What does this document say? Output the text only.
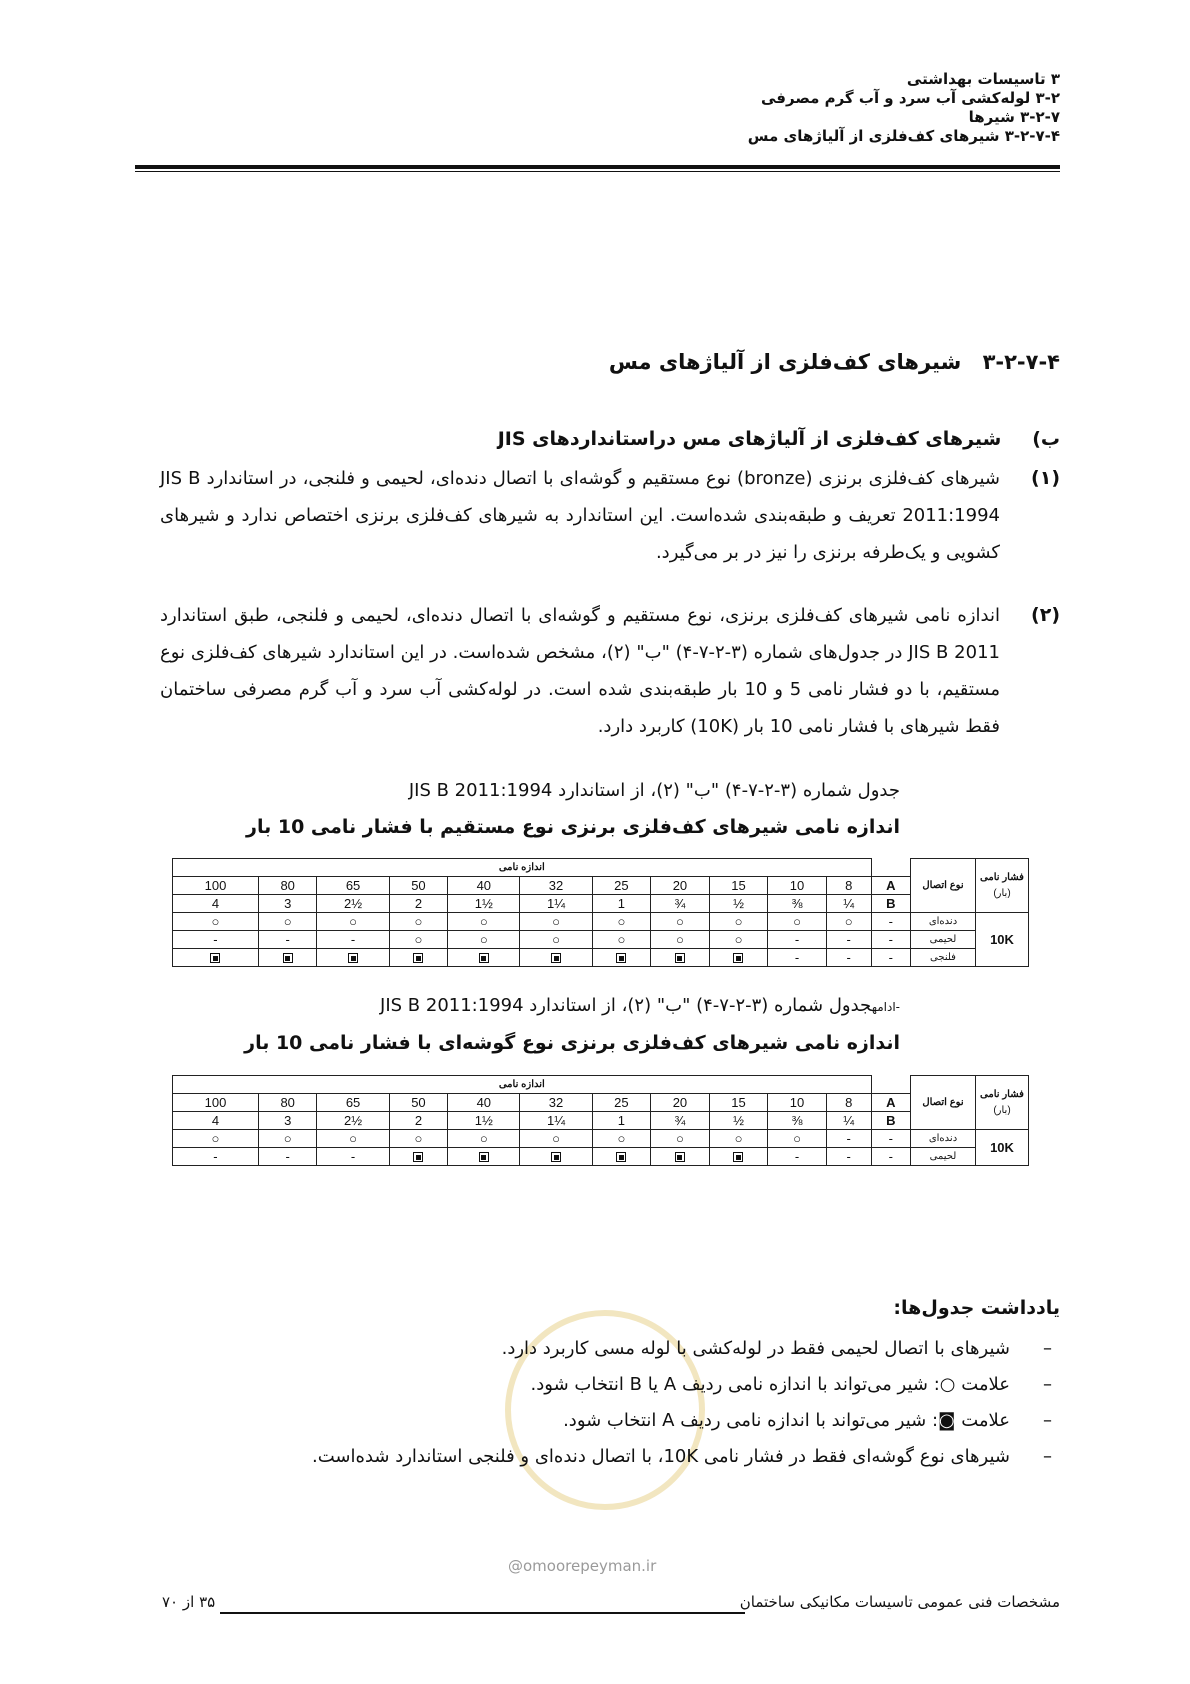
۳ تاسیسات بهداشتی
۳-۲ لوله‌کشی آب سرد و آب گرم مصرفی
۳-۲-۷ شیرها
۳-۲-۷-۴ شیرهای کف‌فلزی از آلیاژهای مس
۳-۲-۷-۴ شیرهای کف‌فلزی از آلیاژهای مس
ب) شیرهای کف‌فلزی از آلیاژهای مس دراستانداردهای JIS
(۱)
شیرهای کف‌فلزی برنزی (bronze) نوع مستقیم و گوشه‌ای با اتصال دنده‌ای، لحیمی و فلنجی، در استاندارد JIS B 2011:1994 تعریف و طبقه‌بندی شده‌است. این استاندارد به شیرهای کف‌فلزی برنزی اختصاص ندارد و شیرهای کشویی و یک‌طرفه برنزی را نیز در بر می‌گیرد.
(۲)
اندازه نامی شیرهای کف‌فلزی برنزی، نوع مستقیم و گوشه‌ای با اتصال دنده‌ای، لحیمی و فلنجی، طبق استاندارد JIS B 2011 در جدول‌های شماره (۳-۲-۷-۴) "ب" (۲)، مشخص شده‌است. در این استاندارد شیرهای کف‌فلزی نوع مستقیم، با دو فشار نامی 5 و 10 بار طبقه‌بندی شده است. در لوله‌کشی آب سرد و آب گرم مصرفی ساختمان فقط شیرهای با فشار نامی 10 بار (10K) کاربرد دارد.
جدول شماره (۳-۲-۷-۴) "ب" (۲)، از استاندارد JIS B 2011:1994
اندازه نامی شیرهای کف‌فلزی برنزی نوع مستقیم با فشار نامی 10 بار
اندازه نامی												نوع اتصال	فشار نامی
(بار)

100	80	65	50	40	32	25	20	15	10	8	A		
4	3	2½	2	1½	1¼	1	¾	½	⅜	¼	B		
○	○	○	○	○	○	○	○	○	○	○	-	دنده‌ای	10K
-	-	-	○	○	○	○	○	○	-	-	-	لحیمی	
									-	-	-	فلنجی	
-ادامهجدول شماره (۳-۲-۷-۴) "ب" (۲)، از استاندارد JIS B 2011:1994
اندازه نامی شیرهای کف‌فلزی برنزی نوع گوشه‌ای با فشار نامی 10 بار
اندازه نامی												نوع اتصال	فشار نامی
(بار)

100	80	65	50	40	32	25	20	15	10	8	A		
4	3	2½	2	1½	1¼	1	¾	½	⅜	¼	B		
○	○	○	○	○	○	○	○	○	○	-	-	دنده‌ای	10K
-	-	-							-	-	-	لحیمی	
@omoorepeyman.ir
یادداشت جدول‌ها:
–
شیرهای با اتصال لحیمی فقط در لوله‌کشی با لوله مسی کاربرد دارد.
–
علامت ○: شیر می‌تواند با اندازه نامی ردیف A یا B انتخاب شود.
–
علامت ◙: شیر می‌تواند با اندازه نامی ردیف A انتخاب شود.
–
شیرهای نوع گوشه‌ای فقط در فشار نامی 10K، با اتصال دنده‌ای و فلنجی استاندارد شده‌است.
مشخصات فنی عمومی تاسیسات مکانیکی ساختمان
۳۵ از ۷۰
